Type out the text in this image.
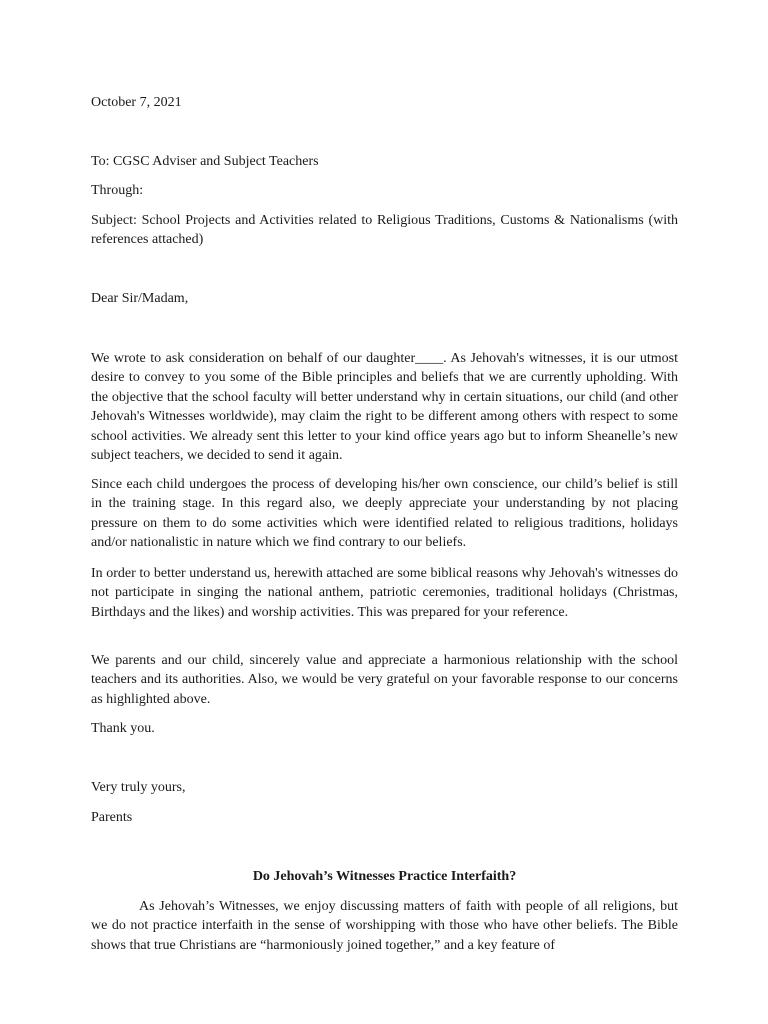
October 7, 2021
To: CGSC Adviser and Subject Teachers
Through:
Subject: School Projects and Activities related to Religious Traditions, Customs & Nationalisms (with references attached)
Dear Sir/Madam,
We wrote to ask consideration on behalf of our daughter____. As Jehovah's witnesses, it is our utmost desire to convey to you some of the Bible principles and beliefs that we are currently upholding. With the objective that the school faculty will better understand why in certain situations, our child (and other Jehovah's Witnesses worldwide), may claim the right to be different among others with respect to some school activities. We already sent this letter to your kind office years ago but to inform Sheanelle’s new subject teachers, we decided to send it again.
Since each child undergoes the process of developing his/her own conscience, our child’s belief is still in the training stage. In this regard also, we deeply appreciate your understanding by not placing pressure on them to do some activities which were identified related to religious traditions, holidays and/or nationalistic in nature which we find contrary to our beliefs.
In order to better understand us, herewith attached are some biblical reasons why Jehovah's witnesses do not participate in singing the national anthem, patriotic ceremonies, traditional holidays (Christmas, Birthdays and the likes) and worship activities. This was prepared for your reference.
We parents and our child, sincerely value and appreciate a harmonious relationship with the school teachers and its authorities. Also, we would be very grateful on your favorable response to our concerns as highlighted above.
Thank you.
Very truly yours,
Parents
Do Jehovah’s Witnesses Practice Interfaith?
As Jehovah’s Witnesses, we enjoy discussing matters of faith with people of all religions, but we do not practice interfaith in the sense of worshipping with those who have other beliefs. The Bible shows that true Christians are “harmoniously joined together,” and a key feature of
